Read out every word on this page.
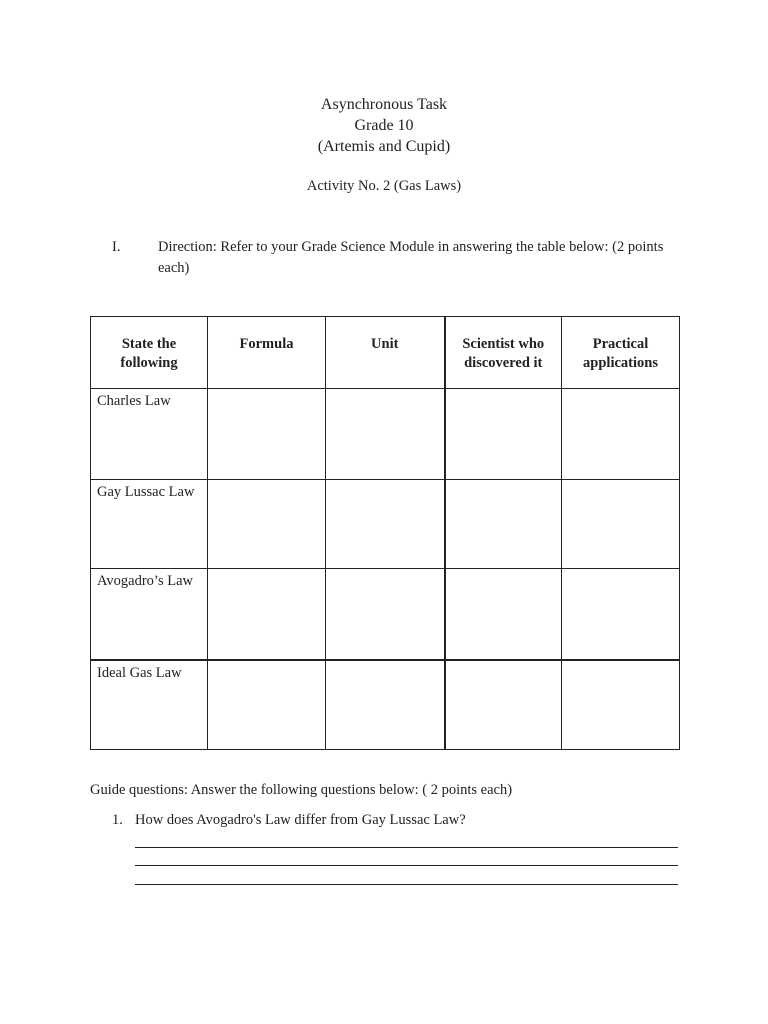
Asynchronous Task
Grade 10
(Artemis and Cupid)
Activity No. 2 (Gas Laws)
I.	Direction: Refer to your Grade Science Module in answering the table below: (2 points each)
State the following	Formula	Unit	Scientist who discovered it	Practical applications
Charles Law				
Gay Lussac Law				
Avogadro’s Law				
Ideal Gas Law				
Guide questions: Answer the following questions below: ( 2 points each)
1. How does Avogadro's Law differ from Gay Lussac Law?
